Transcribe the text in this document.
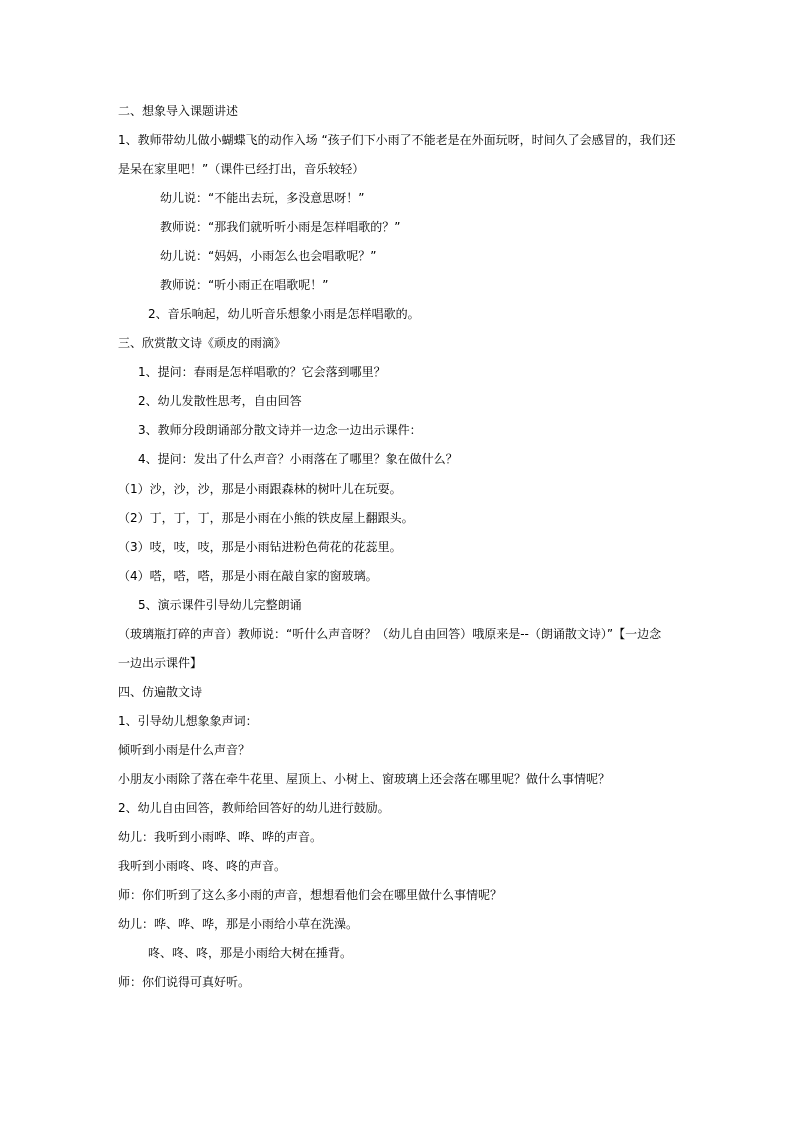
二、想象导入课题讲述
1、教师带幼儿做小蝴蝶飞的动作入场 “孩子们下小雨了不能老是在外面玩呀，时间久了会感冒的，我们还
是呆在家里吧！”（课件已经打出，音乐较轻）
幼儿说：“不能出去玩，多没意思呀！”
教师说：“那我们就听听小雨是怎样唱歌的？”
幼儿说：“妈妈，小雨怎么也会唱歌呢？”
教师说：“听小雨正在唱歌呢！”
2、音乐响起，幼儿听音乐想象小雨是怎样唱歌的。
三、欣赏散文诗《顽皮的雨滴》
1、提问：春雨是怎样唱歌的？它会落到哪里？
2、幼儿发散性思考，自由回答
3、教师分段朗诵部分散文诗并一边念一边出示课件：
4、提问：发出了什么声音？小雨落在了哪里？象在做什么？
（1）沙，沙，沙，那是小雨跟森林的树叶儿在玩耍。
（2）丁，丁，丁，那是小雨在小熊的铁皮屋上翻跟头。
（3）吱，吱，吱，那是小雨钻进粉色荷花的花蕊里。
（4）嗒，嗒，嗒，那是小雨在敲自家的窗玻璃。
5、演示课件引导幼儿完整朗诵
（玻璃瓶打碎的声音）教师说：“听什么声音呀？（幼儿自由回答）哦原来是--（朗诵散文诗）”【一边念
一边出示课件】
四、仿遍散文诗
1、引导幼儿想象象声词：
倾听到小雨是什么声音？
小朋友小雨除了落在牵牛花里、屋顶上、小树上、窗玻璃上还会落在哪里呢？做什么事情呢？
2、幼儿自由回答，教师给回答好的幼儿进行鼓励。
幼儿：我听到小雨哗、哗、哗的声音。
我听到小雨咚、咚、咚的声音。
师：你们听到了这么多小雨的声音，想想看他们会在哪里做什么事情呢？
幼儿：哗、哗、哗，那是小雨给小草在洗澡。
咚、咚、咚，那是小雨给大树在捶背。
师：你们说得可真好听。
